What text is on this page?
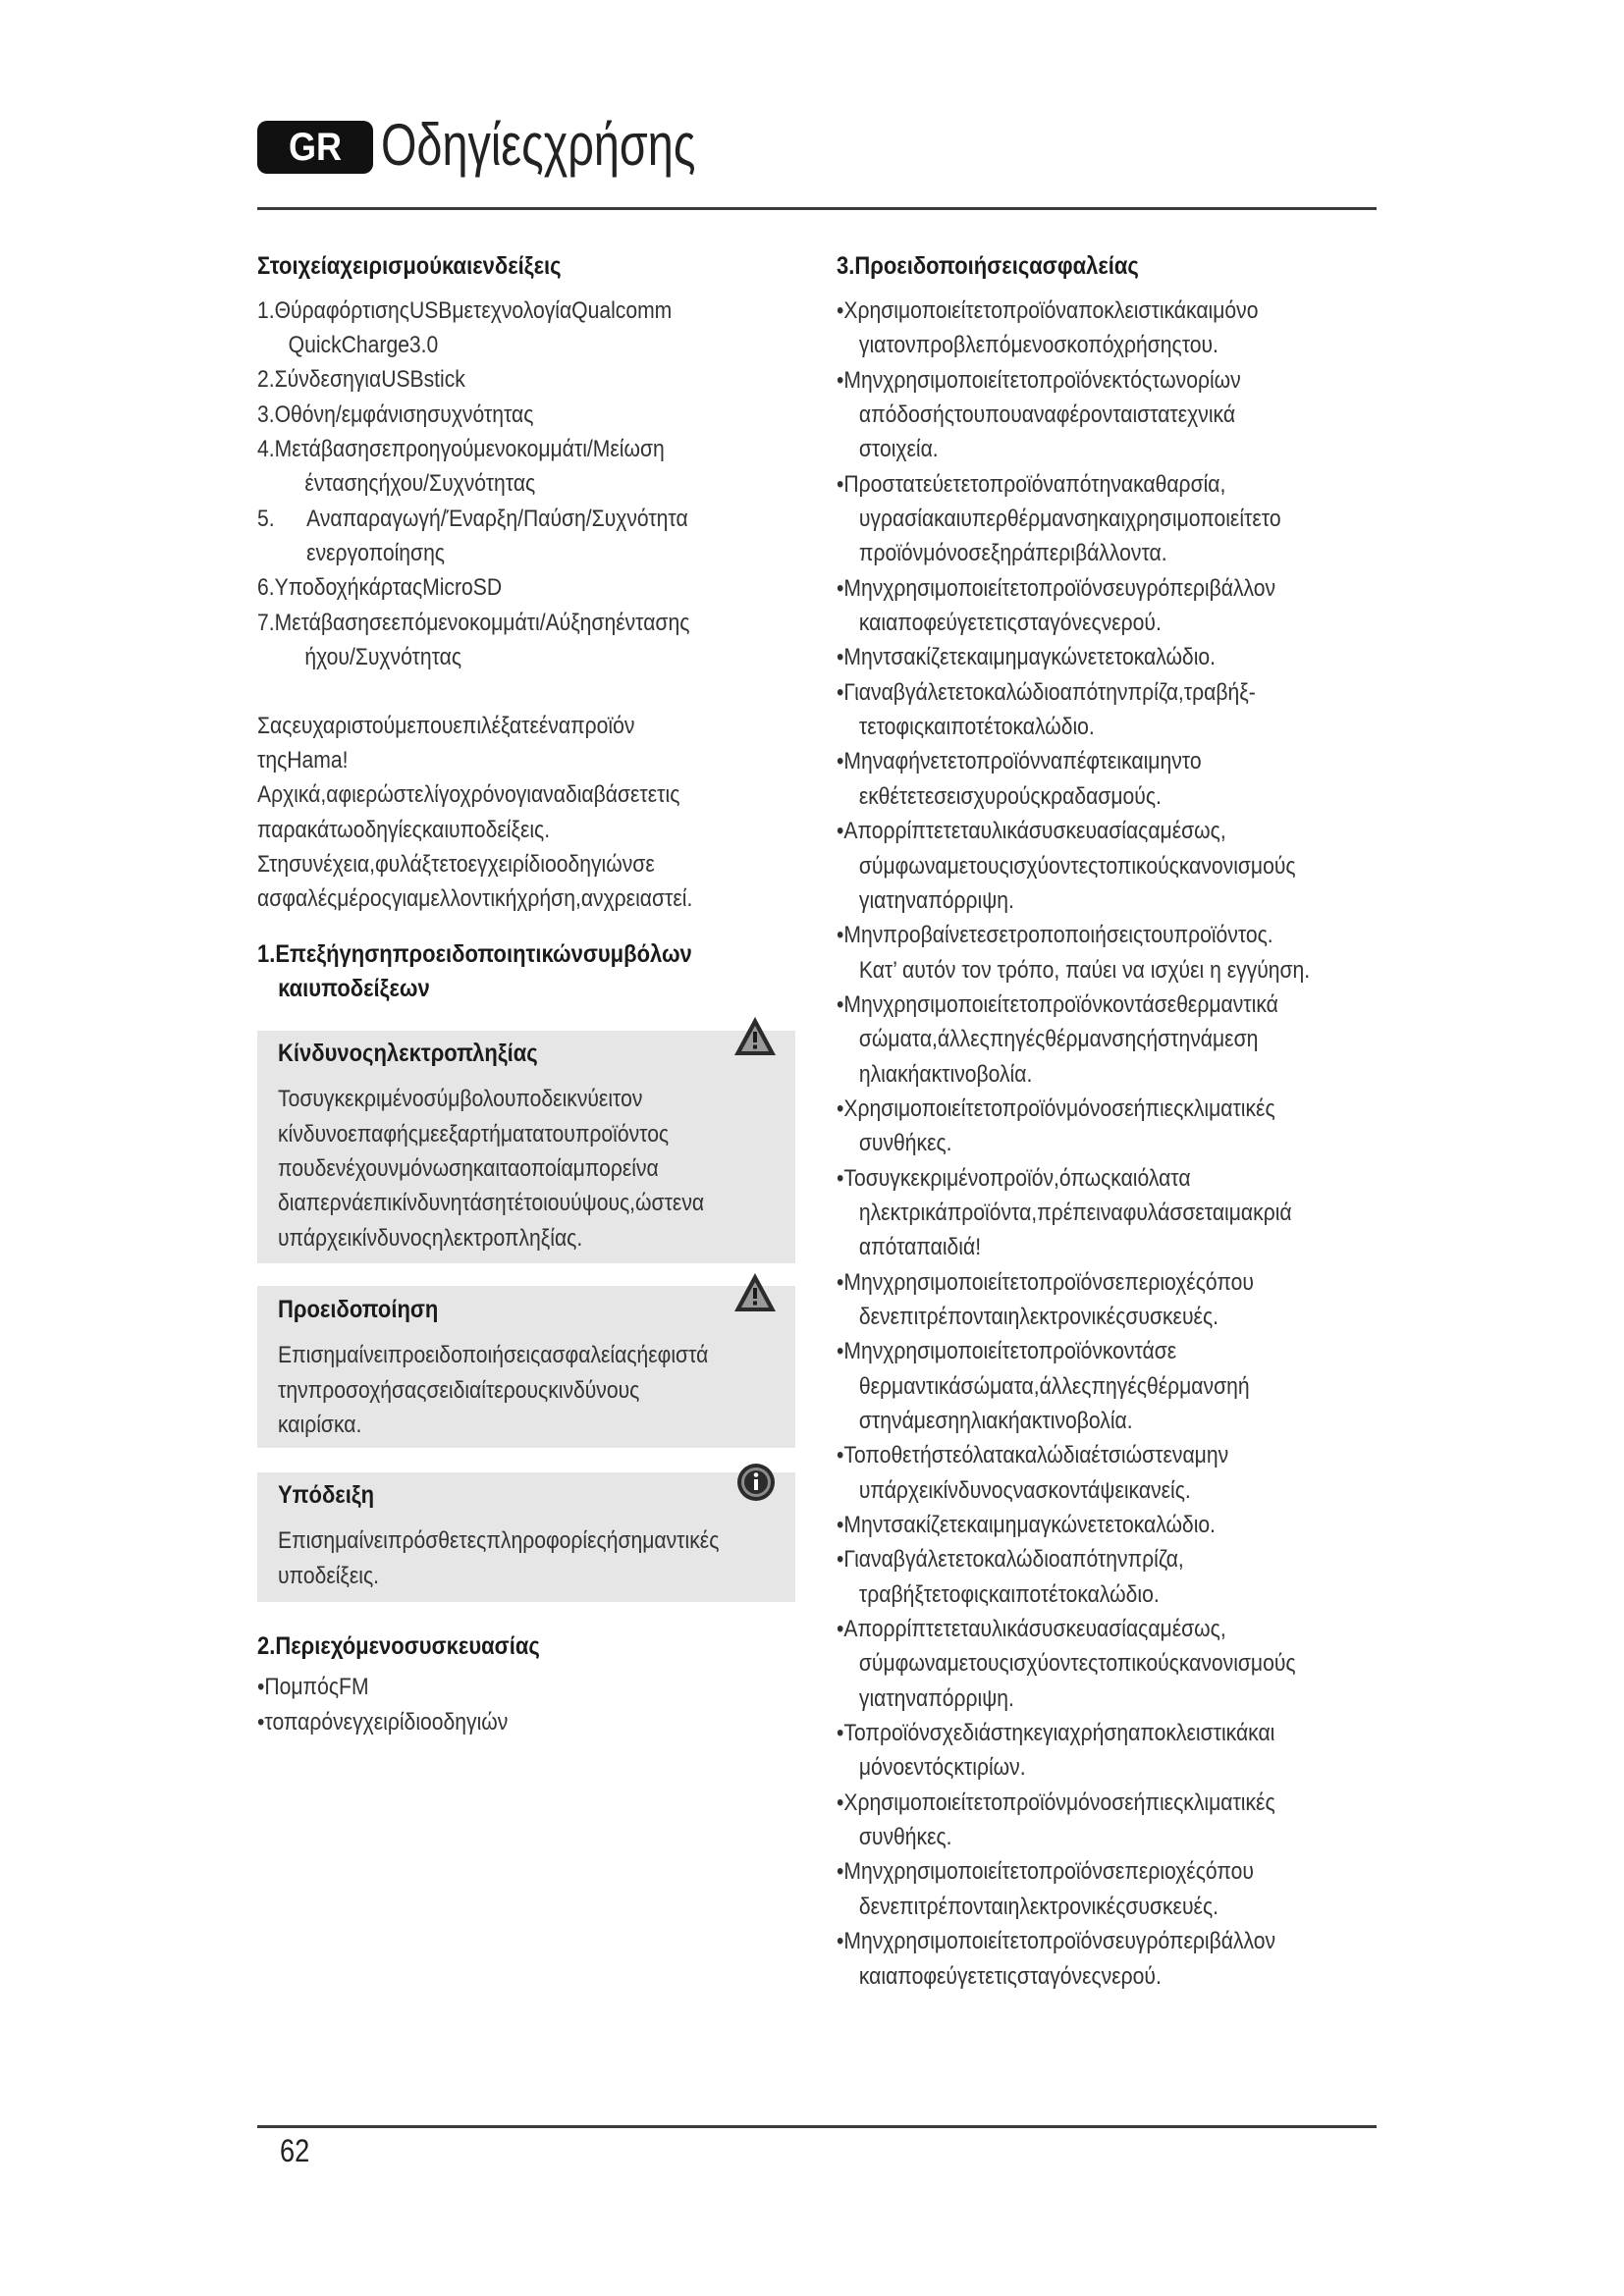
GR Οδηγίεςχρήσης
Στοιχείαχειρισμούκαιενδείξεις
1.ΘύραφόρτισηςUSBμετεχνολογίαQualcomm
QuickCharge3.0
2.ΣύνδεσηγιαUSBstick
3.Οθόνη/εμφάνισησυχνότητας
4.Μετάβασησεπροηγούμενοκομμάτι/Μείωση
έντασηςήχου/Συχνότητας
5. Αναπαραγωγή/Έναρξη/Παύση/Συχνότητα
ενεργοποίησης
6.ΥποδοχήκάρταςMicroSD
7.Μετάβασησεεπόμενοκομμάτι/Αύξησηέντασης
ήχου/Συχνότητας
Σαςευχαριστούμεπουεπιλέξατεέναπροϊόν
τηςHama!
Αρχικά,αφιερώστελίγοχρόνογιαναδιαβάσετετις
παρακάτωοδηγίεςκαιυποδείξεις.
Στησυνέχεια,φυλάξτετοεγχειρίδιοοδηγιώνσε
ασφαλέςμέροςγιαμελλοντικήχρήση,ανχρειαστεί.
1.Επεξήγησηπροειδοποιητικώνσυμβόλων
καιυποδείξεων
Κίνδυνοςηλεκτροπληξίας
Τοσυγκεκριμένοσύμβολουποδεικνύειτον
κίνδυνοεπαφήςμεεξαρτήματατουπροϊόντος
πουδενέχουνμόνωσηκαιταοποίαμπορείνα
διαπερνάεπικίνδυνητάσητέτοιουύψους,ώστενα
υπάρχεικίνδυνοςηλεκτροπληξίας.
Προειδοποίηση
Επισημαίνειπροειδοποιήσειςασφαλείαςήεφιστά
τηνπροσοχήσαςσειδιαίτερουςκινδύνους
καιρίσκα.
Υπόδειξη
Επισημαίνειπρόσθετεςπληροφορίεςήσημαντικές
υποδείξεις.
2.Περιεχόμενοσυσκευασίας
•ΠομπόςFM
•τοπαρόνεγχειρίδιοοδηγιών
3.Προειδοποιήσειςασφαλείας
•Χρησιμοποιείτετοπροϊόναποκλειστικάκαιμόνο
γιατονπροβλεπόμενοσκοπόχρήσηςτου.
•Μηνχρησιμοποιείτετοπροϊόνεκτόςτωνορίων
απόδοσήςτουπουαναφέρονταιστατεχνικά
στοιχεία.
•Προστατεύετετοπροϊόναπότηνακαθαρσία,
υγρασίακαιυπερθέρμανσηκαιχρησιμοποιείτετο
προϊόνμόνοσεξηράπεριβάλλοντα.
•Μηνχρησιμοποιείτετοπροϊόνσευγρόπεριβάλλον
καιαποφεύγετετιςσταγόνεςνερού.
•Μηντσακίζετεκαιμημαγκώνετετοκαλώδιο.
•Γιαναβγάλετετοκαλώδιοαπότηνπρίζα,τραβήξ-
τετοφιςκαιποτέτοκαλώδιο.
•Μηναφήνετετοπροϊόνναπέφτεικαιμηντο
εκθέτετεσεισχυρούςκραδασμούς.
•Απορρίπτετεταυλικάσυσκευασίαςαμέσως,
σύμφωναμετουςισχύοντεςτοπικούςκανονισμούς
γιατηναπόρριψη.
•Μηνπροβαίνετεσετροποποιήσειςτουπροϊόντος.
Κατ’ αυτόν τον τρόπο, παύει να ισχύει η εγγύηση.
•Μηνχρησιμοποιείτετοπροϊόνκοντάσεθερμαντικά
σώματα,άλλεςπηγέςθέρμανσηςήστηνάμεση
ηλιακήακτινοβολία.
•Χρησιμοποιείτετοπροϊόνμόνοσεήπιεςκλιματικές
συνθήκες.
•Τοσυγκεκριμένοπροϊόν,όπωςκαιόλατα
ηλεκτρικάπροϊόντα,πρέπειναφυλάσσεταιμακριά
απόταπαιδιά!
•Μηνχρησιμοποιείτετοπροϊόνσεπεριοχέςόπου
δενεπιτρέπονταιηλεκτρονικέςσυσκευές.
•Μηνχρησιμοποιείτετοπροϊόνκοντάσε
θερμαντικάσώματα,άλλεςπηγέςθέρμανσηή
στηνάμεσηηλιακήακτινοβολία.
•Τοποθετήστεόλατακαλώδιαέτσιώστεναμην
υπάρχεικίνδυνοςνασκοντάψεικανείς.
•Μηντσακίζετεκαιμημαγκώνετετοκαλώδιο.
•Γιαναβγάλετετοκαλώδιοαπότηνπρίζα,
τραβήξτετοφιςκαιποτέτοκαλώδιο.
•Απορρίπτετεταυλικάσυσκευασίαςαμέσως,
σύμφωναμετουςισχύοντεςτοπικούςκανονισμούς
γιατηναπόρριψη.
•Τοπροϊόνσχεδιάστηκεγιαχρήσηαποκλειστικάκαι
μόνοεντόςκτιρίων.
•Χρησιμοποιείτετοπροϊόνμόνοσεήπιεςκλιματικές
συνθήκες.
•Μηνχρησιμοποιείτετοπροϊόνσεπεριοχέςόπου
δενεπιτρέπονταιηλεκτρονικέςσυσκευές.
•Μηνχρησιμοποιείτετοπροϊόνσευγρόπεριβάλλον
καιαποφεύγετετιςσταγόνεςνερού.
62
